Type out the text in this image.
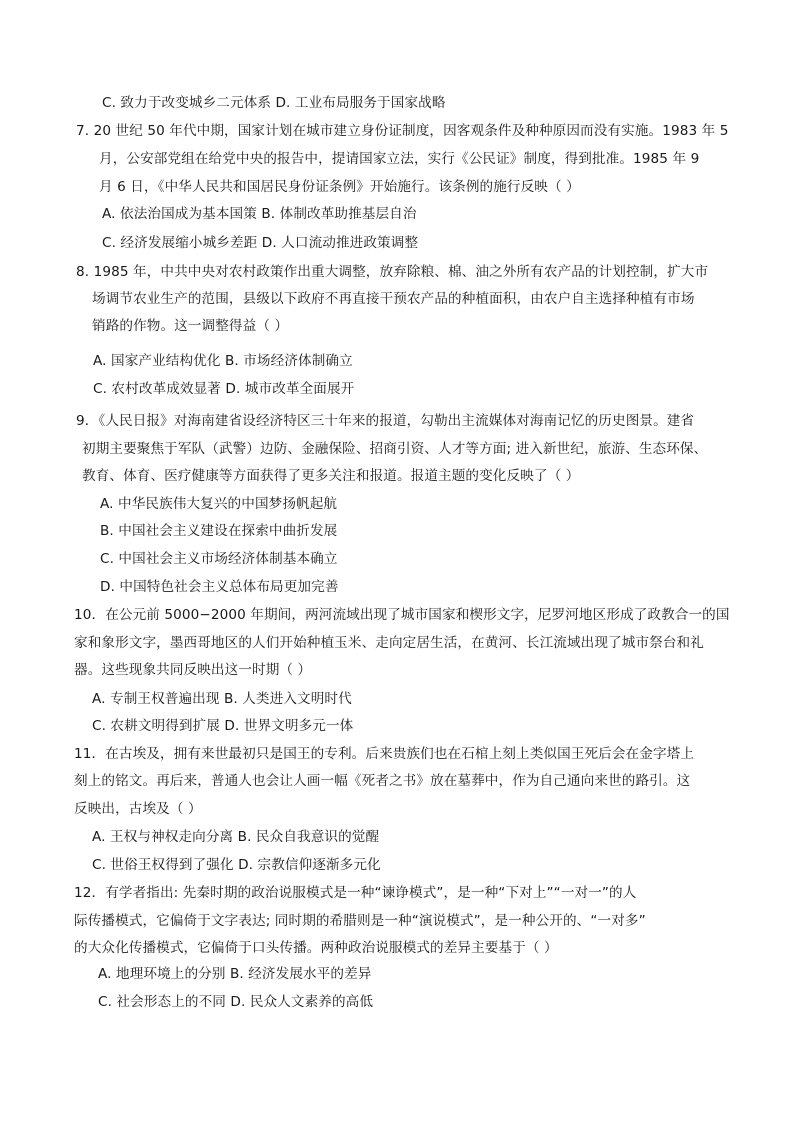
C. 致力于改变城乡二元体系 D. 工业布局服务于国家战略
7. 20 世纪 50 年代中期，国家计划在城市建立身份证制度，因客观条件及种种原因而没有实施。1983 年 5
月，公安部党组在给党中央的报告中，提请国家立法，实行《公民证》制度，得到批准。1985 年 9
月 6 日，《中华人民共和国居民身份证条例》开始施行。该条例的施行反映（ ）
A. 依法治国成为基本国策 B. 体制改革助推基层自治
C. 经济发展缩小城乡差距 D. 人口流动推进政策调整
8. 1985 年，中共中央对农村政策作出重大调整，放弃除粮、棉、油之外所有农产品的计划控制，扩大市
场调节农业生产的范围，县级以下政府不再直接干预农产品的种植面积，由农户自主选择种植有市场
销路的作物。这一调整得益（ ）
A. 国家产业结构优化 B. 市场经济体制确立
C. 农村改革成效显著 D. 城市改革全面展开
9．《人民日报》对海南建省设经济特区三十年来的报道，勾勒出主流媒体对海南记忆的历史图景。建省
初期主要聚焦于军队（武警）边防、金融保险、招商引资、人才等方面; 进入新世纪，旅游、生态环保、
教育、体育、医疗健康等方面获得了更多关注和报道。报道主题的变化反映了（ ）
A. 中华民族伟大复兴的中国梦扬帆起航
B. 中国社会主义建设在探索中曲折发展
C. 中国社会主义市场经济体制基本确立
D. 中国特色社会主义总体布局更加完善
10．在公元前 5000−2000 年期间，两河流域出现了城市国家和楔形文字，尼罗河地区形成了政教合一的国
家和象形文字，墨西哥地区的人们开始种植玉米、走向定居生活，在黄河、长江流域出现了城市祭台和礼
器。这些现象共同反映出这一时期（ ）
A. 专制王权普遍出现 B. 人类进入文明时代
C. 农耕文明得到扩展 D. 世界文明多元一体
11．在古埃及，拥有来世最初只是国王的专利。后来贵族们也在石棺上刻上类似国王死后会在金字塔上
刻上的铭文。再后来，普通人也会让人画一幅《死者之书》放在墓葬中，作为自己通向来世的路引。这
反映出，古埃及（ ）
A. 王权与神权走向分离 B. 民众自我意识的觉醒
C. 世俗王权得到了强化 D. 宗教信仰逐渐多元化
12．有学者指出: 先秦时期的政治说服模式是一种“谏诤模式”，是一种“下对上”“一对一”的人
际传播模式，它偏倚于文字表达; 同时期的希腊则是一种“演说模式”，是一种公开的、“一对多”
的大众化传播模式，它偏倚于口头传播。两种政治说服模式的差异主要基于（ ）
A. 地理环境上的分别 B. 经济发展水平的差异
C. 社会形态上的不同 D. 民众人文素养的高低
